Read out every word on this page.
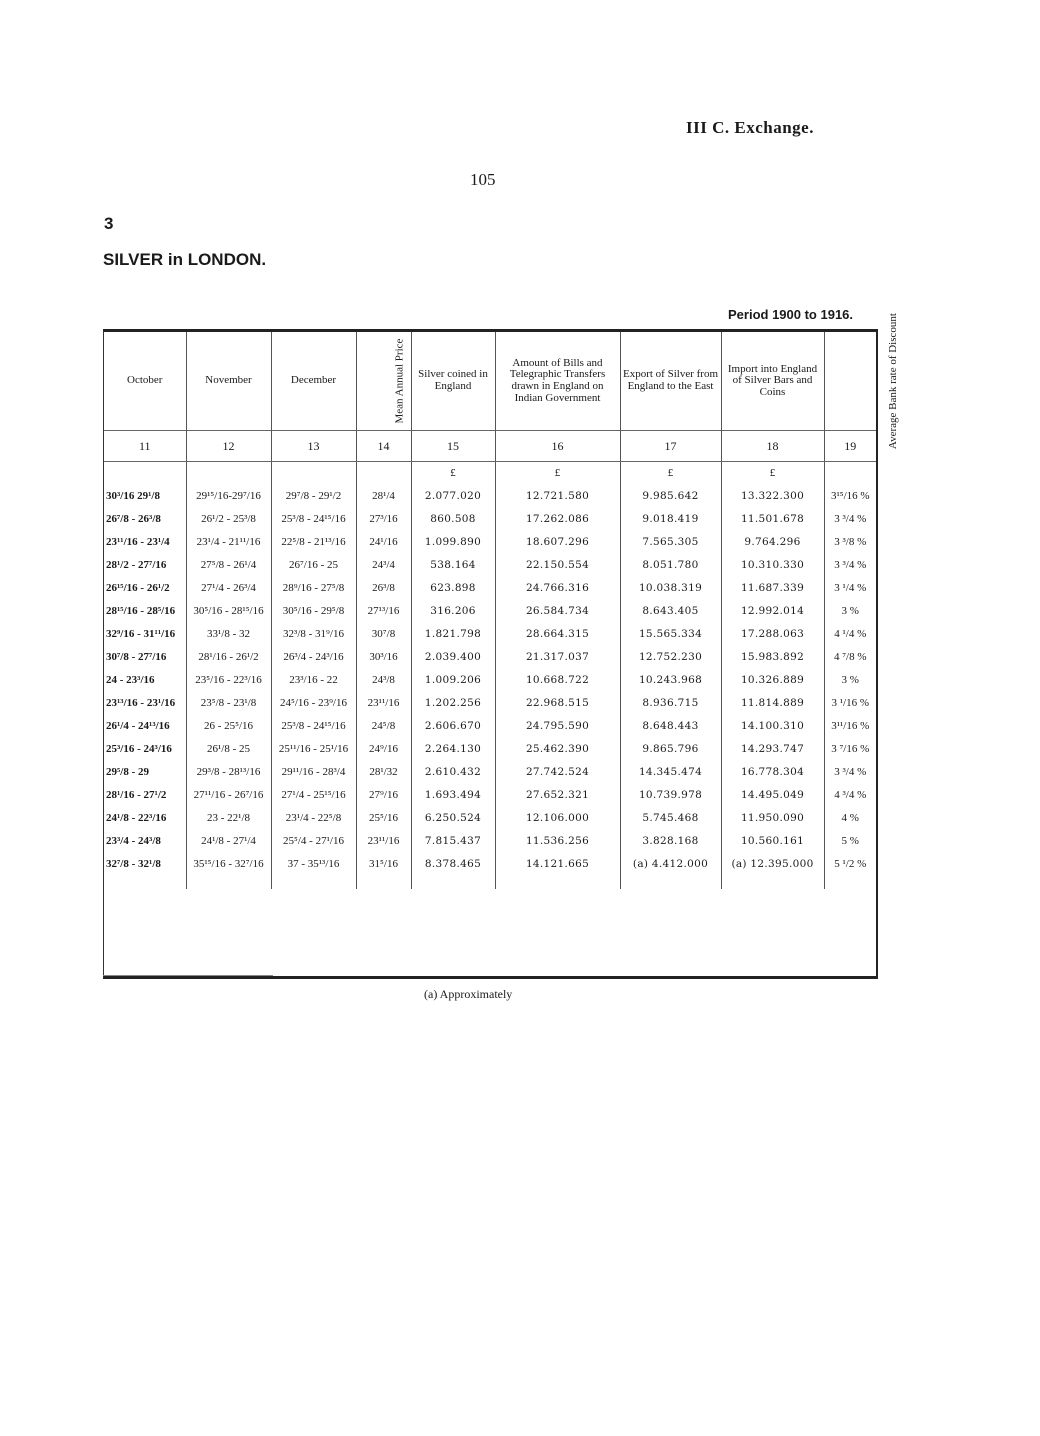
III C. Exchange.
105
3
SILVER in LONDON.
Period 1900 to 1916.
October	November	December	Mean Annual Price	Silver coined in England	Amount of Bills and Telegraphic Transfers drawn in England on Indian Government	Export of Silver from England to the East	Import into England of Silver Bars and Coins	Average Bank rate of Discount
11	12	13	14	15	16	17	18	19
				£	£	£	£	
30³/16 29¹/8	29¹⁵/16-29⁷/16	29⁷/8 - 29¹/2	28¹/4	2.077.020	12.721.580	9.985.642	13.322.300	3¹⁵/16 %
26⁷/8 - 26³/8	26¹/2 - 25³/8	25³/8 - 24¹⁵/16	27³/16	860.508	17.262.086	9.018.419	11.501.678	3 ³/4 %
23¹¹/16 - 23¹/4	23¹/4 - 21¹¹/16	22⁵/8 - 21¹³/16	24¹/16	1.099.890	18.607.296	7.565.305	9.764.296	3 ³/8 %
28¹/2 - 27⁷/16	27⁵/8 - 26¹/4	26⁷/16 - 25	24³/4	538.164	22.150.554	8.051.780	10.310.330	3 ³/4 %
26¹⁵/16 - 26¹/2	27¹/4 - 26³/4	28⁹/16 - 27⁵/8	26³/8	623.898	24.766.316	10.038.319	11.687.339	3 ¹/4 %
28¹⁵/16 - 28⁵/16	30⁵/16 - 28¹⁵/16	30⁵/16 - 29⁵/8	27¹³/16	316.206	26.584.734	8.643.405	12.992.014	3 %
32⁹/16 - 31¹¹/16	33¹/8 - 32	32³/8 - 31⁹/16	30⁷/8	1.821.798	28.664.315	15.565.334	17.288.063	4 ¹/4 %
30⁷/8 - 27⁷/16	28¹/16 - 26¹/2	26³/4 - 24³/16	30³/16	2.039.400	21.317.037	12.752.230	15.983.892	4 ⁷/8 %
24 - 23³/16	23⁵/16 - 22³/16	23³/16 - 22	24³/8	1.009.206	10.668.722	10.243.968	10.326.889	3 %
23¹³/16 - 23¹/16	23⁵/8 - 23¹/8	24⁵/16 - 23⁹/16	23¹¹/16	1.202.256	22.968.515	8.936.715	11.814.889	3 ¹/16 %
26¹/4 - 24¹³/16	26 - 25⁵/16	25³/8 - 24¹⁵/16	24⁵/8	2.606.670	24.795.590	8.648.443	14.100.310	3¹¹/16 %
25³/16 - 24³/16	26¹/8 - 25	25¹¹/16 - 25¹/16	24⁹/16	2.264.130	25.462.390	9.865.796	14.293.747	3 ⁷/16 %
29⁵/8 - 29	29³/8 - 28¹³/16	29¹¹/16 - 28³/4	28¹/32	2.610.432	27.742.524	14.345.474	16.778.304	3 ³/4 %
28¹/16 - 27¹/2	27¹¹/16 - 26⁷/16	27¹/4 - 25¹⁵/16	27⁹/16	1.693.494	27.652.321	10.739.978	14.495.049	4 ³/4 %
24¹/8 - 22³/16	23 - 22¹/8	23¹/4 - 22⁵/8	25⁵/16	6.250.524	12.106.000	5.745.468	11.950.090	4 %
23³/4 - 24³/8	24¹/8 - 27¹/4	25⁵/4 - 27¹/16	23¹¹/16	7.815.437	11.536.256	3.828.168	10.560.161	5 %
32⁷/8 - 32¹/8	35¹⁵/16 - 32⁷/16	37 - 35¹³/16	31⁵/16	8.378.465	14.121.665	(a) 4.412.000	(a) 12.395.000	5 ¹/2 %

(a) Approximately
